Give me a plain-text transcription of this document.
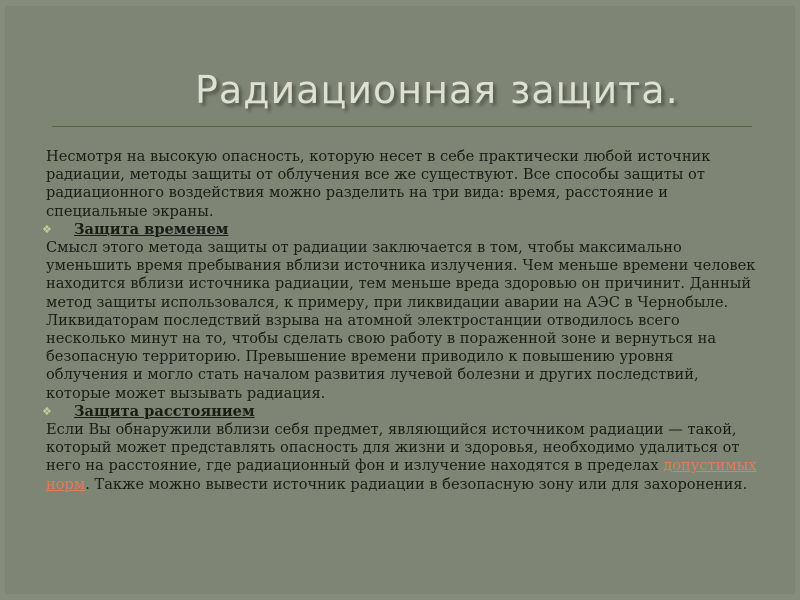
Радиационная защита.

Несмотря на высокую опасность, которую несет в себе практически любой источник радиации, методы защиты от облучения все же существуют. Все способы защиты от радиационного воздействия можно разделить на три вида: время, расстояние и специальные экраны.

❖ Защита временем

Смысл этого метода защиты от радиации заключается в том, чтобы максимально уменьшить время пребывания вблизи источника излучения. Чем меньше времени человек находится вблизи источника радиации, тем меньше вреда здоровью он причинит. Данный метод защиты использовался, к примеру, при ликвидации аварии на АЭС в Чернобыле. Ликвидаторам последствий взрыва на атомной электростанции отводилось всего несколько минут на то, чтобы сделать свою работу в пораженной зоне и вернуться на безопасную территорию. Превышение времени приводило к повышению уровня облучения и могло стать началом развития лучевой болезни и других последствий, которые может вызывать радиация.

❖ Защита расстоянием

Если Вы обнаружили вблизи себя предмет, являющийся источником радиации — такой, который может представлять опасность для жизни и здоровья, необходимо удалиться от него на расстояние, где радиационный фон и излучение находятся в пределах допустимых норм. Также можно вывести источник радиации в безопасную зону или для захоронения.
